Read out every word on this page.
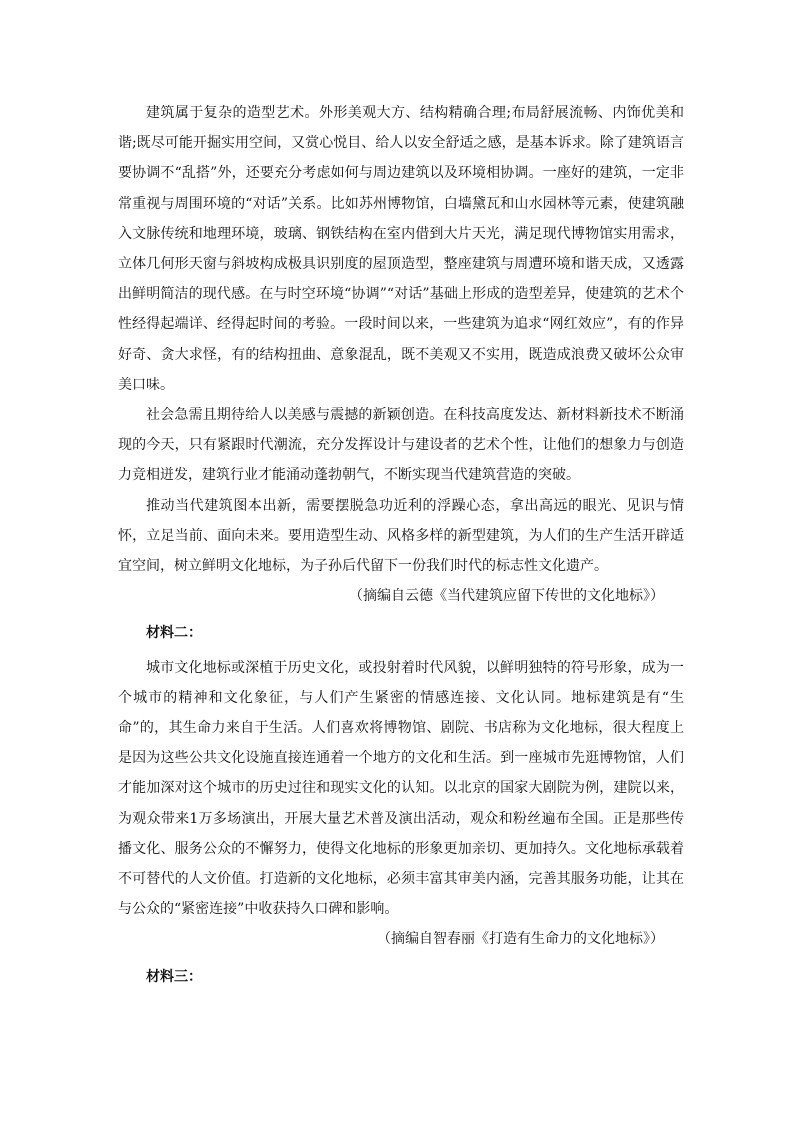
建筑属于复杂的造型艺术。外形美观大方、结构精确合理;布局舒展流畅、内饰优美和谐;既尽可能开掘实用空间，又赏心悦目、给人以安全舒适之感，是基本诉求。除了建筑语言要协调不“乱搭”外，还要充分考虑如何与周边建筑以及环境相协调。一座好的建筑，一定非常重视与周围环境的“对话”关系。比如苏州博物馆，白墙黛瓦和山水园林等元素，使建筑融入文脉传统和地理环境，玻璃、钢铁结构在室内借到大片天光，满足现代博物馆实用需求，立体几何形天窗与斜坡构成极具识别度的屋顶造型，整座建筑与周遭环境和谐天成，又透露出鲜明简洁的现代感。在与时空环境“协调”“对话”基础上形成的造型差异，使建筑的艺术个性经得起端详、经得起时间的考验。一段时间以来，一些建筑为追求“网红效应”，有的作异好奇、贪大求怪，有的结构扭曲、意象混乱，既不美观又不实用，既造成浪费又破坏公众审美口味。

社会急需且期待给人以美感与震撼的新颖创造。在科技高度发达、新材料新技术不断涌现的今天，只有紧跟时代潮流，充分发挥设计与建设者的艺术个性，让他们的想象力与创造力竞相迸发，建筑行业才能涌动蓬勃朝气，不断实现当代建筑营造的突破。

推动当代建筑图本出新，需要摆脱急功近利的浮躁心态，拿出高远的眼光、见识与情怀，立足当前、面向未来。要用造型生动、风格多样的新型建筑，为人们的生产生活开辟适宜空间，树立鲜明文化地标，为子孙后代留下一份我们时代的标志性文化遗产。

（摘编自云德《当代建筑应留下传世的文化地标》）

材料二：

城市文化地标或深植于历史文化，或投射着时代风貌，以鲜明独特的符号形象，成为一个城市的精神和文化象征，与人们产生紧密的情感连接、文化认同。地标建筑是有“生命”的，其生命力来自于生活。人们喜欢将博物馆、剧院、书店称为文化地标，很大程度上是因为这些公共文化设施直接连通着一个地方的文化和生活。到一座城市先逛博物馆，人们才能加深对这个城市的历史过往和现实文化的认知。以北京的国家大剧院为例，建院以来，为观众带来1万多场演出，开展大量艺术普及演出活动，观众和粉丝遍布全国。正是那些传播文化、服务公众的不懈努力，使得文化地标的形象更加亲切、更加持久。文化地标承载着不可替代的人文价值。打造新的文化地标，必须丰富其审美内涵，完善其服务功能，让其在与公众的“紧密连接”中收获持久口碑和影响。

（摘编自智春丽《打造有生命力的文化地标》）

材料三：
